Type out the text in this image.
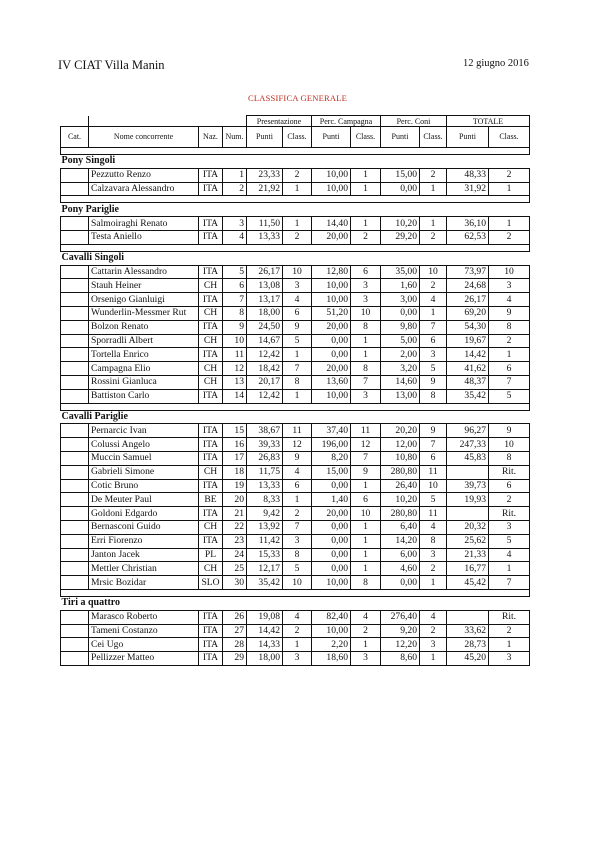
IV CIAT Villa Manin	12 giugno 2016
CLASSIFICA GENERALE
				Presentazione		Perc. Campagna		Perc. Coni		TOTALE	
Cat.	Nome concorrente	Naz.	Num.	Punti	Class.	Punti	Class.	Punti	Class.	Punti	Class.

Pony Singoli											
	Pezzutto Renzo	ITA	1	23,33	2	10,00	1	15,00	2	48,33	2
	Calzavara Alessandro	ITA	2	21,92	1	10,00	1	0,00	1	31,92	1

Pony Pariglie											
	Salmoiraghi Renato	ITA	3	11,50	1	14,40	1	10,20	1	36,10	1
	Testa Aniello	ITA	4	13,33	2	20,00	2	29,20	2	62,53	2

Cavalli Singoli											
	Cattarin Alessandro	ITA	5	26,17	10	12,80	6	35,00	10	73,97	10
	Stauh Heiner	CH	6	13,08	3	10,00	3	1,60	2	24,68	3
	Orsenigo Gianluigi	ITA	7	13,17	4	10,00	3	3,00	4	26,17	4
	Wunderlin-Messmer Rut	CH	8	18,00	6	51,20	10	0,00	1	69,20	9
	Bolzon Renato	ITA	9	24,50	9	20,00	8	9,80	7	54,30	8
	Sporradli Albert	CH	10	14,67	5	0,00	1	5,00	6	19,67	2
	Tortella Enrico	ITA	11	12,42	1	0,00	1	2,00	3	14,42	1
	Campagna Elio	CH	12	18,42	7	20,00	8	3,20	5	41,62	6
	Rossini Gianluca	CH	13	20,17	8	13,60	7	14,60	9	48,37	7
	Battiston Carlo	ITA	14	12,42	1	10,00	3	13,00	8	35,42	5

Cavalli Pariglie											
	Pernarcic Ivan	ITA	15	38,67	11	37,40	11	20,20	9	96,27	9
	Colussi Angelo	ITA	16	39,33	12	196,00	12	12,00	7	247,33	10
	Muccin Samuel	ITA	17	26,83	9	8,20	7	10,80	6	45,83	8
	Gabrieli Simone	CH	18	11,75	4	15,00	9	280,80	11		Rit.
	Cotic Bruno	ITA	19	13,33	6	0,00	1	26,40	10	39,73	6
	De Meuter Paul	BE	20	8,33	1	1,40	6	10,20	5	19,93	2
	Goldoni Edgardo	ITA	21	9,42	2	20,00	10	280,80	11		Rit.
	Bernasconi Guido	CH	22	13,92	7	0,00	1	6,40	4	20,32	3
	Erri Fiorenzo	ITA	23	11,42	3	0,00	1	14,20	8	25,62	5
	Janton Jacek	PL	24	15,33	8	0,00	1	6,00	3	21,33	4
	Mettler Christian	CH	25	12,17	5	0,00	1	4,60	2	16,77	1
	Mrsic Bozidar	SLO	30	35,42	10	10,00	8	0,00	1	45,42	7

Tiri a quattro											
	Marasco Roberto	ITA	26	19,08	4	82,40	4	276,40	4		Rit.
	Tameni Costanzo	ITA	27	14,42	2	10,00	2	9,20	2	33,62	2
	Cei Ugo	ITA	28	14,33	1	2,20	1	12,20	3	28,73	1
	Pellizzer Matteo	ITA	29	18,00	3	18,60	3	8,60	1	45,20	3
